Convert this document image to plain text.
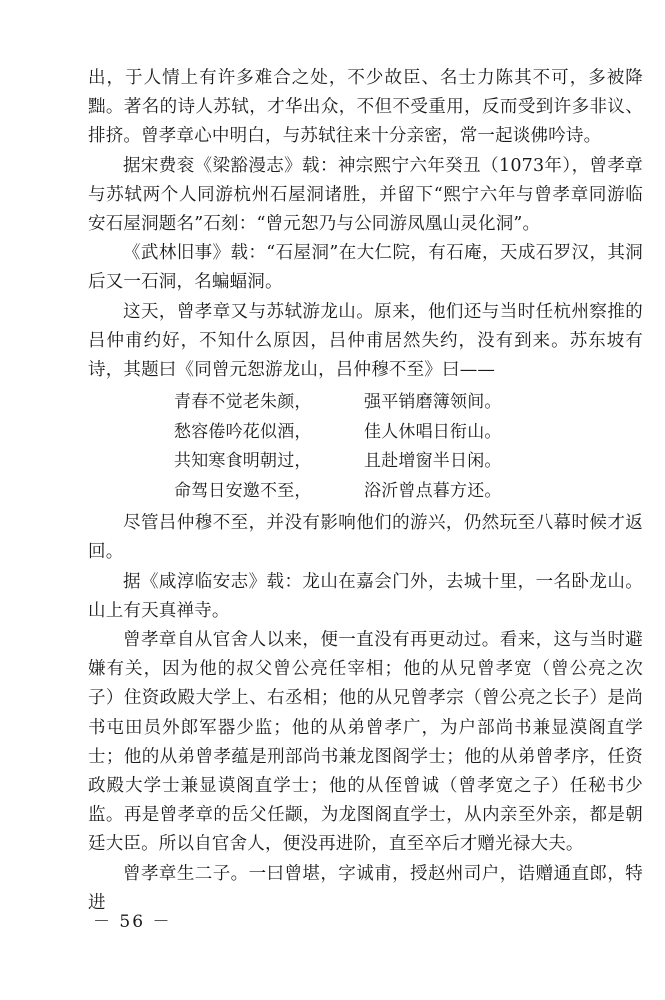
出，于人情上有许多难合之处，不少故臣、名士力陈其不可，多被降黜。著名的诗人苏轼，才华出众，不但不受重用，反而受到许多非议、排挤。曾孝章心中明白，与苏轼往来十分亲密，常一起谈佛吟诗。

据宋费衮《梁豁漫志》载：神宗熙宁六年癸丑（1073年），曾孝章与苏轼两个人同游杭州石屋洞诸胜，并留下“熙宁六年与曾孝章同游临安石屋洞题名”石刻：“曾元恕乃与公同游凤凰山灵化洞”。

《武林旧事》载：“石屋洞”在大仁院，有石庵，天成石罗汉，其洞后又一石洞，名蝙蝠洞。

这天，曾孝章又与苏轼游龙山。原来，他们还与当时任杭州察推的吕仲甫约好，不知什么原因，吕仲甫居然失约，没有到来。苏东坡有诗，其题曰《同曾元恕游龙山，吕仲穆不至》曰——

青春不觉老朱颜，	强平销磨簿领间。
愁容倦吟花似酒，	佳人休唱日衔山。
共知寒食明朝过，	且赴增窗半日闲。
命驾日安邀不至，	浴沂曾点暮方还。

尽管吕仲穆不至，并没有影响他们的游兴，仍然玩至八幕时候才返回。

据《咸淳临安志》载：龙山在嘉会门外，去城十里，一名卧龙山。山上有天真禅寺。

曾孝章自从官舍人以来，便一直没有再更动过。看来，这与当时避嫌有关，因为他的叔父曾公亮任宰相；他的从兄曾孝宽（曾公亮之次子）住资政殿大学上、右丞相；他的从兄曾孝宗（曾公亮之长子）是尚书屯田员外郎军器少监；他的从弟曾孝广，为户部尚书兼显漠阁直学士；他的从弟曾孝蕴是刑部尚书兼龙图阁学士；他的从弟曾孝序，任资政殿大学士兼显谟阁直学士；他的从侄曾诚（曾孝宽之子）任秘书少监。再是曾孝章的岳父任颛，为龙图阁直学士，从内亲至外亲，都是朝廷大臣。所以自官舍人，便没再进阶，直至卒后才赠光禄大夫。

曾孝章生二子。一曰曾堪，字诚甫，授赵州司户，诰赠通直郎，特进

－ 56 －
